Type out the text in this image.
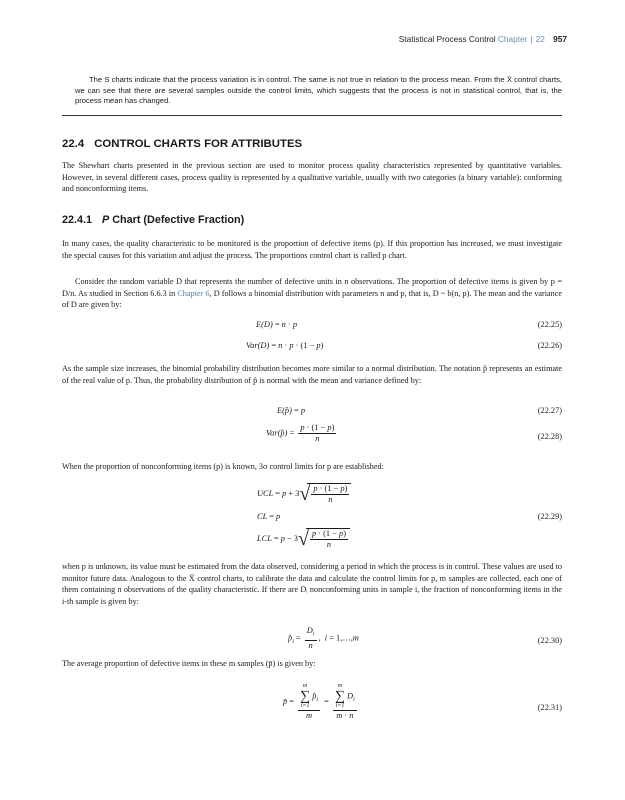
Statistical Process Control Chapter | 22 957
The S charts indicate that the process variation is in control. The same is not true in relation to the process mean. From the X̄ control charts, we can see that there are several samples outside the control limits, which suggests that the process is not in statistical control, that is, the process mean has changed.
22.4 CONTROL CHARTS FOR ATTRIBUTES
The Shewhart charts presented in the previous section are used to monitor process quality characteristics represented by quantitative variables. However, in several different cases, process quality is represented by a qualitative variable, usually with two categories (a binary variable): conforming and nonconforming items.
22.4.1 P Chart (Defective Fraction)
In many cases, the quality characteristic to be monitored is the proportion of defective items (p). If this proportion has increased, we must investigate the special causes for this variation and adjust the process. The proportions control chart is called p chart.
Consider the random variable D that represents the number of defective units in n observations. The proportion of defective items is given by p = D/n. As studied in Section 6.6.3 in Chapter 6, D follows a binomial distribution with parameters n and p, that is, D ~ b(n, p). The mean and the variance of D are given by:
E(D) = n · p	(22.25)
Var(D) = n · p · (1 − p)	(22.26)
As the sample size increases, the binomial probability distribution becomes more similar to a normal distribution. The notation p̂ represents an estimate of the real value of p. Thus, the probability distribution of p̂ is normal with the mean and variance defined by:
E(p̂) = p	(22.27)
Var(p̂) = $\frac{p \cdot (1 - p)}{n}$	(22.28)
When the proportion of nonconforming items (p) is known, 3σ control limits for p are established:
UCL = p + 3 √ $\frac{p \cdot (1 - p)}{n}$
CL = p	(22.29)
LCL = p − 3 √ $\frac{p \cdot (1 - p)}{n}$
when p is unknown, its value must be estimated from the data observed, considering a period in which the process is in control. These values are used to monitor future data. Analogous to the X̄ control charts, to calibrate the data and calculate the control limits for p, m samples are collected, each one of them containing n observations of the quality characteristic. If there are Dᵢ nonconforming units in sample i, the fraction of nonconforming items in the i-th sample is given by:
$p̂_i = \frac{D_i}{n}$ ,  i = 1,…,m	(22.30)
The average proportion of defective items in these m samples (p̄) is given by:
p̄ = m
∑
i=1
$p̂_i$
m = m
∑
i=1
$D_i$
m · n	(22.31)
